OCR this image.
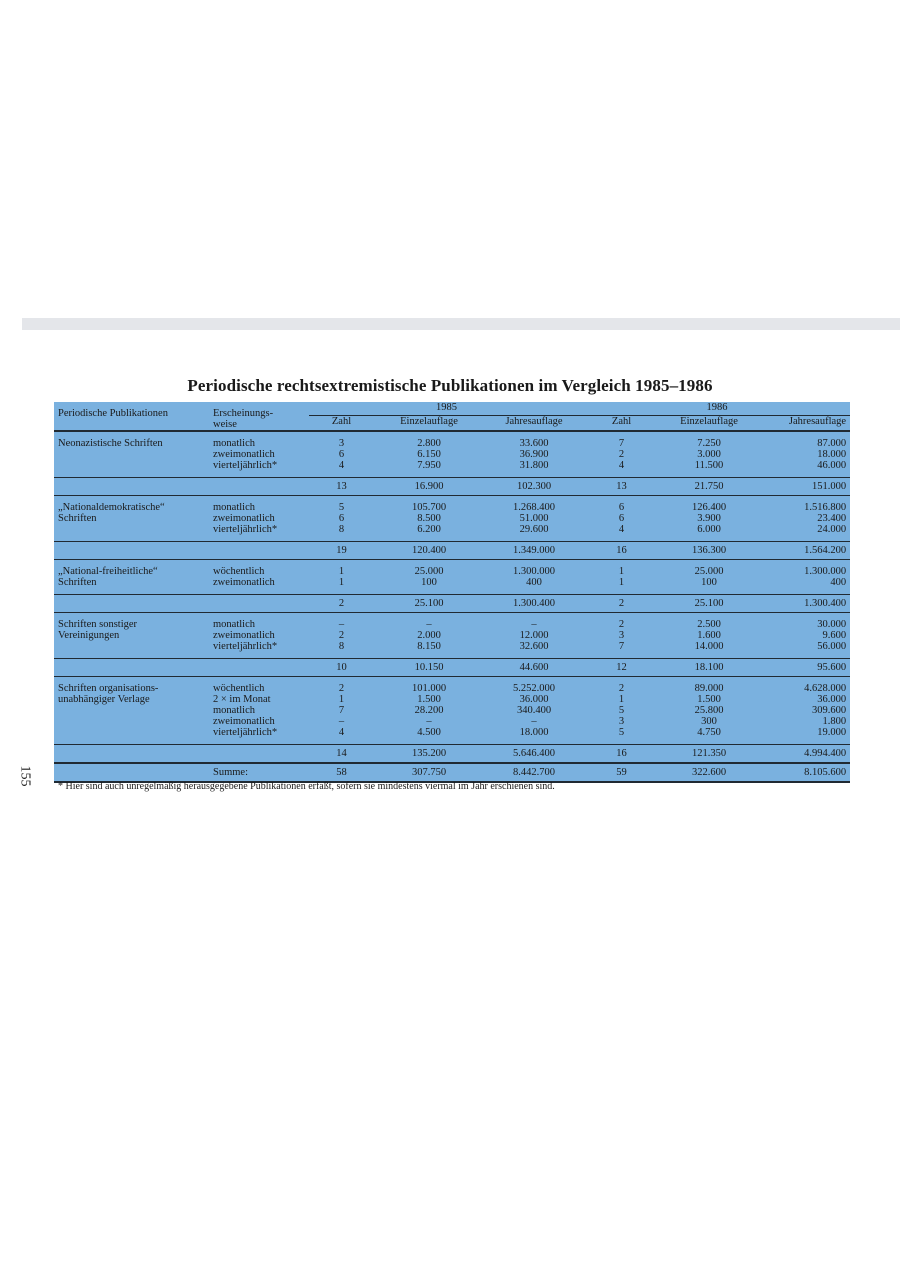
Periodische rechtsextremistische Publikationen im Vergleich 1985–1986
Periodische Publikationen	Erscheinungs-
weise	1985			1986		
		Zahl	Einzelauflage	Jahresauflage	Zahl	Einzelauflage	Jahresauflage
Neonazistische Schriften	monatlich	3	2.800	33.600	7	7.250	87.000
	zweimonatlich	6	6.150	36.900	2	3.000	18.000
	vierteljährlich*	4	7.950	31.800	4	11.500	46.000
		13	16.900	102.300	13	21.750	151.000
„Nationaldemokratische“
Schriften	monatlich	5	105.700	1.268.400	6	126.400	1.516.800
	zweimonatlich	6	8.500	51.000	6	3.900	23.400
	vierteljährlich*	8	6.200	29.600	4	6.000	24.000
		19	120.400	1.349.000	16	136.300	1.564.200
„National-freiheitliche“
Schriften	wöchentlich	1	25.000	1.300.000	1	25.000	1.300.000
	zweimonatlich	1	100	400	1	100	400
		2	25.100	1.300.400	2	25.100	1.300.400
Schriften sonstiger
Vereinigungen	monatlich	–	–	–	2	2.500	30.000
	zweimonatlich	2	2.000	12.000	3	1.600	9.600
	vierteljährlich*	8	8.150	32.600	7	14.000	56.000
		10	10.150	44.600	12	18.100	95.600
Schriften organisations-
unabhängiger Verlage	wöchentlich	2	101.000	5.252.000	2	89.000	4.628.000
	2 × im Monat	1	1.500	36.000	1	1.500	36.000
	monatlich	7	28.200	340.400	5	25.800	309.600
	zweimonatlich	–	–	–	3	300	1.800
	vierteljährlich*	4	4.500	18.000	5	4.750	19.000
		14	135.200	5.646.400	16	121.350	4.994.400
	Summe:	58	307.750	8.442.700	59	322.600	8.105.600
155	* Hier sind auch unregelmäßig herausgegebene Publikationen erfaßt, sofern sie mindestens viermal im Jahr erschienen sind.
